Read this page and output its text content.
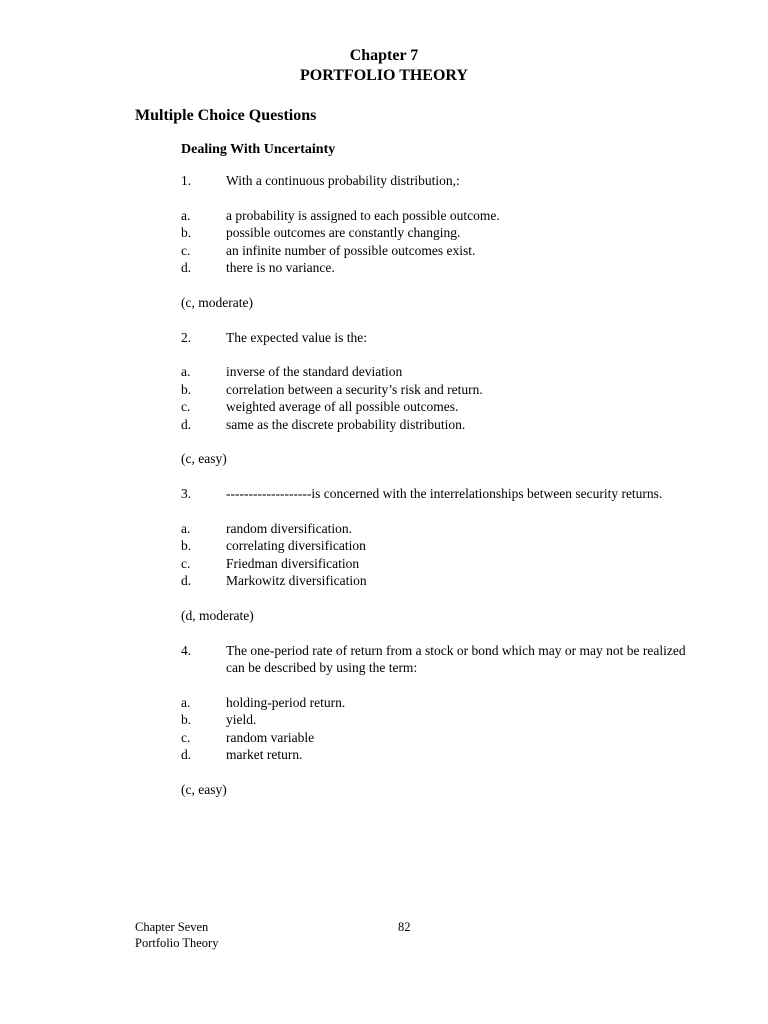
Chapter 7
PORTFOLIO THEORY
Multiple Choice Questions
Dealing With Uncertainty
1.	With a continuous probability distribution,:
a.	a probability is assigned to each possible outcome.
b.	possible outcomes are constantly changing.
c.	an infinite number of possible outcomes exist.
d.	there is no variance.
(c, moderate)
2.	The expected value is the:
a.	inverse of the standard deviation
b.	correlation between a security’s risk and return.
c.	weighted average of all possible outcomes.
d.	same as the discrete probability distribution.
(c, easy)
3.	-------------------is concerned with the interrelationships between security returns.
a.	random diversification.
b.	correlating diversification
c.	Friedman diversification
d.	Markowitz diversification
(d, moderate)
4.	The one-period rate of return from a stock or bond which may or may not be realized can be described by using the term:
a.	holding-period return.
b.	yield.
c.	random variable
d.	market return.
(c, easy)
Chapter Seven
Portfolio Theory
82
